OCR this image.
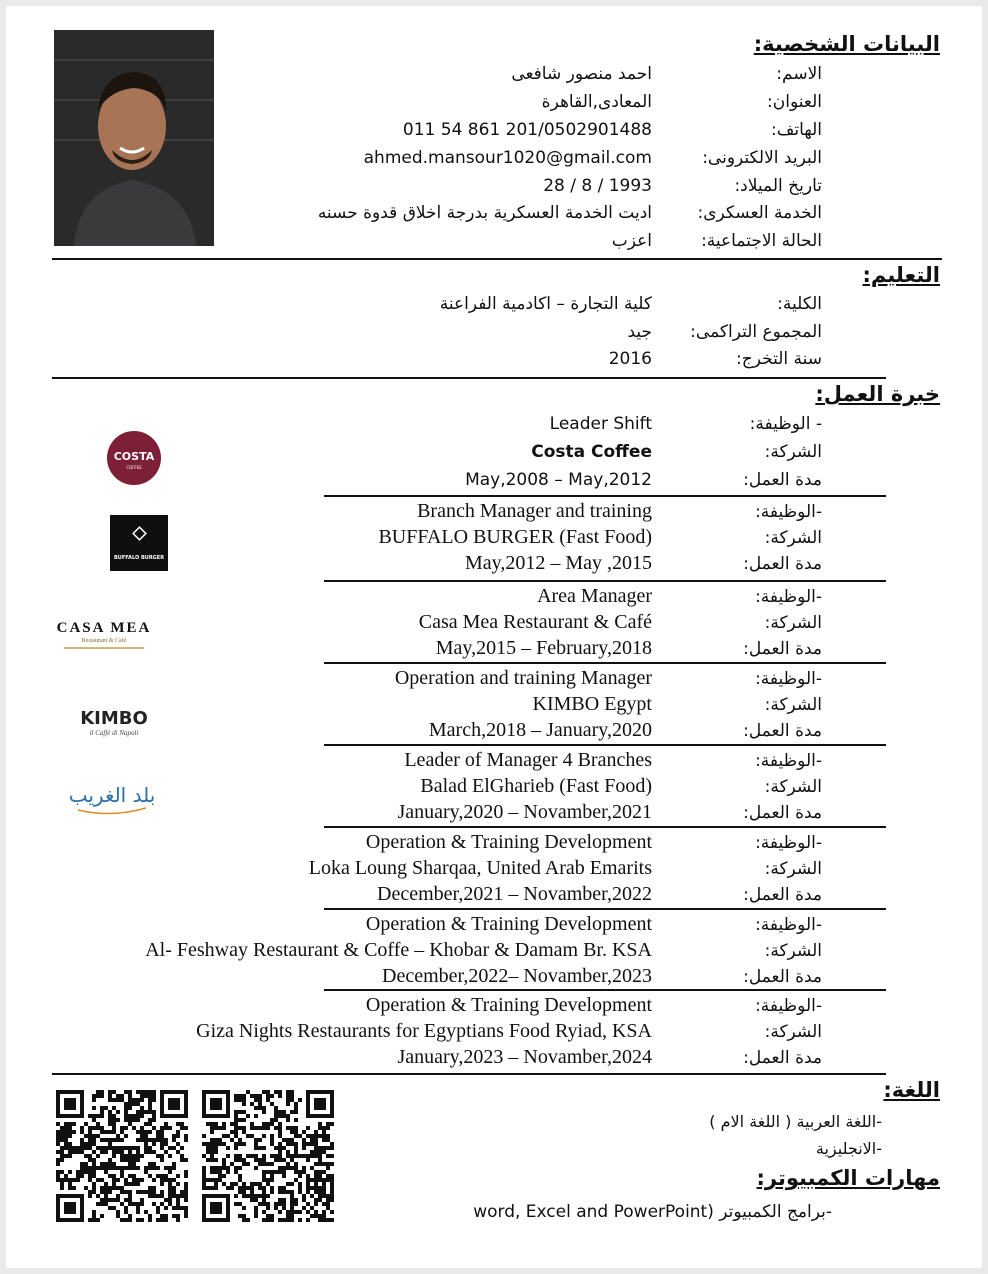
البيانات الشخصية:
الاسم:
احمد منصور شافعى
العنوان:
المعادى,القاهرة
الهاتف:
011 54 861 201/0502901488
البريد الالكترونى:
ahmed.mansour1020@gmail.com
تاريخ الميلاد:
28 / 8 / 1993
الخدمة العسكرى:
اديت الخدمة العسكرية بدرجة اخلاق قدوة حسنه
الحالة الاجتماعية:
اعزب
التعليم:
الكلية:
كلية التجارة – اكادمية الفراعنة
المجموع التراكمى:
جيد
سنة التخرج:
2016
خبرة العمل:
- الوظيفة:
Leader Shift
الشركة:
Costa Coffee
مدة العمل:
May,2008 – May,2012
-الوظيفة:
Branch Manager and training
الشركة:
BUFFALO BURGER (Fast Food)
مدة العمل:
May,2012 – May ,2015
-الوظيفة:
Area Manager
الشركة:
Casa Mea Restaurant & Café
مدة العمل:
May,2015 – February,2018
-الوظيفة:
Operation and training Manager
الشركة:
KIMBO Egypt
مدة العمل:
March,2018 – January,2020
-الوظيفة:
Leader of Manager 4 Branches
الشركة:
Balad ElGharieb (Fast Food)
مدة العمل:
January,2020 – Novamber,2021
-الوظيفة:
Operation & Training Development
الشركة:
Loka Loung Sharqaa, United Arab Emarits
مدة العمل:
December,2021 – Novamber,2022
-الوظيفة:
Operation & Training Development
الشركة:
Al- Feshway Restaurant & Coffe – Khobar & Damam Br. KSA
مدة العمل:
December,2022– Novamber,2023
-الوظيفة:
Operation & Training Development
الشركة:
Giza Nights Restaurants for Egyptians Food Ryiad, KSA
مدة العمل:
January,2023 – Novamber,2024
COSTA
COFFEE
BUFFALO BURGER
CASA MEA
Restaurant & Café
KIMBO
il Caffè di Napoli
بلد الغريب
اللغة:
-اللغة العربية ( اللغة الام )
-الانجليزية
مهارات الكمبيوتر:
-برامج الكمبيوتر (word, Excel and PowerPoint
